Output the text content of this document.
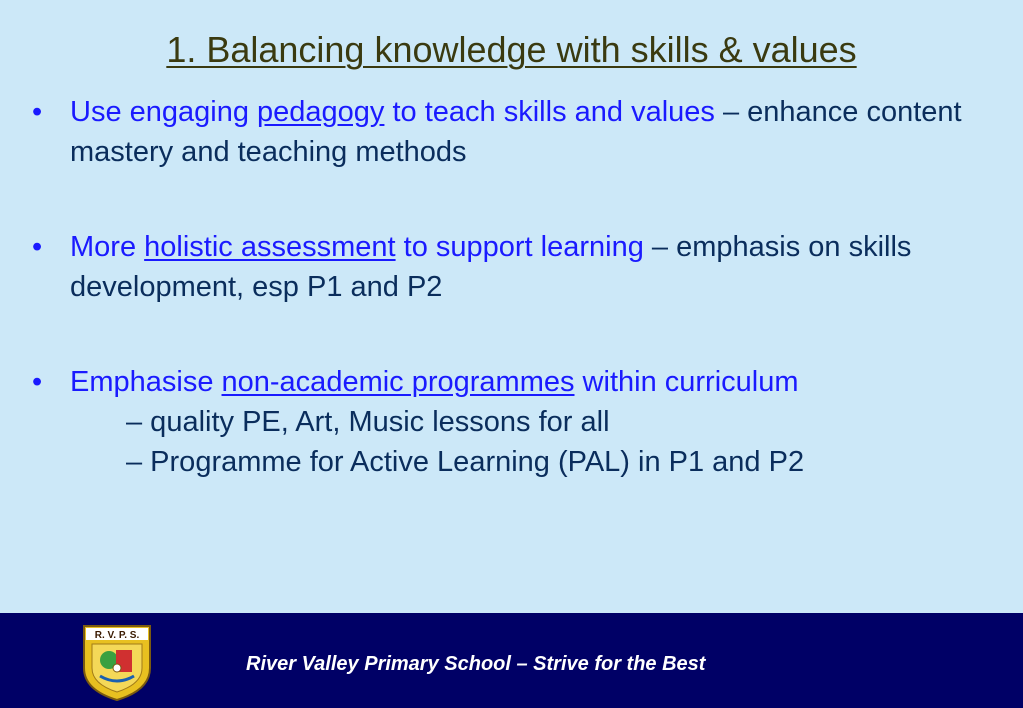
1. Balancing knowledge with skills & values
• Use engaging pedagogy to teach skills and values – enhance content mastery and teaching methods
• More holistic assessment to support learning – emphasis on skills development, esp P1 and P2
• Emphasise non-academic programmes within curriculum
– quality PE, Art, Music lessons for all
– Programme for Active Learning (PAL) in P1 and P2
R. V. P. S.
River Valley Primary School – Strive for the Best
